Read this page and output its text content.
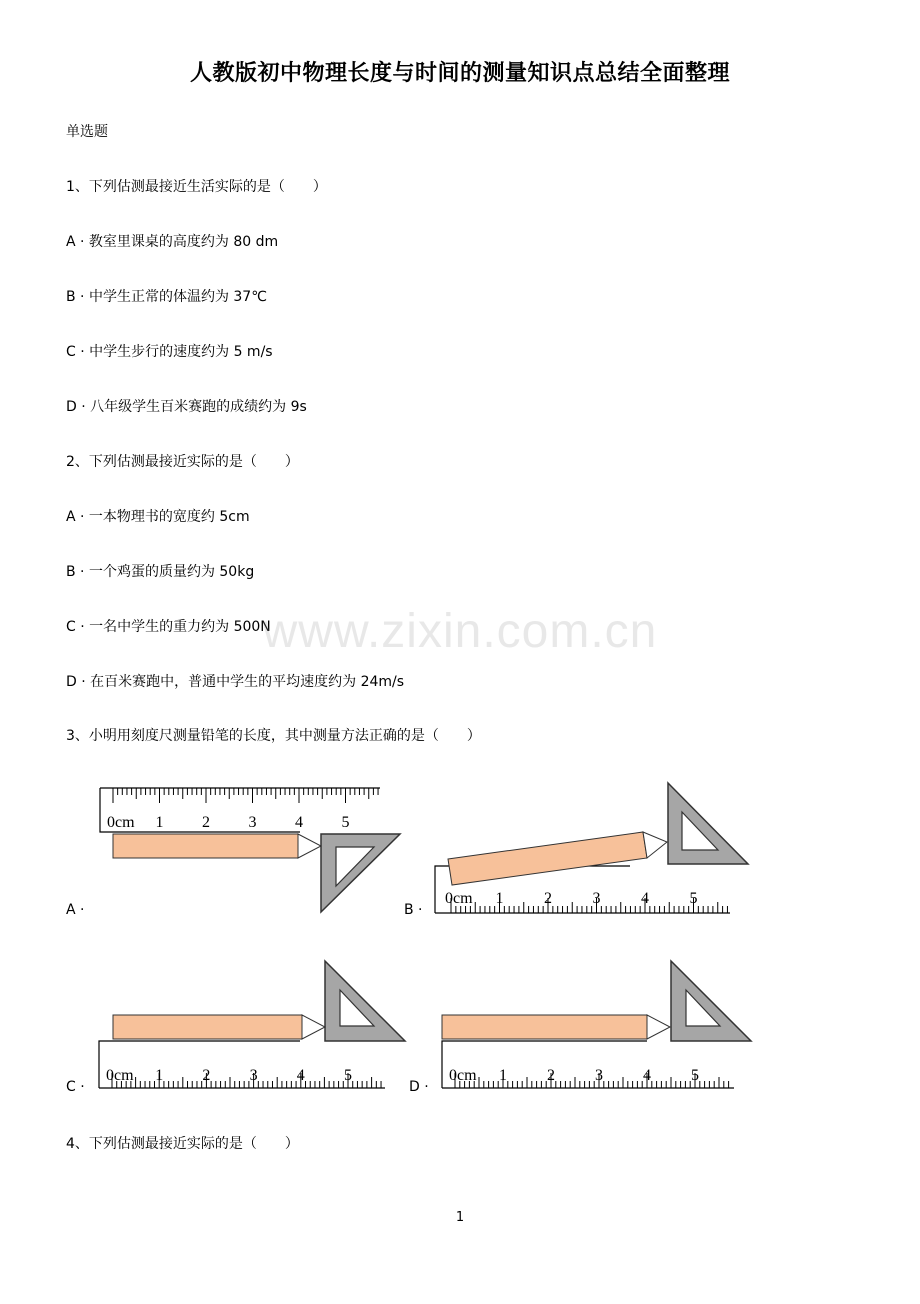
人教版初中物理长度与时间的测量知识点总结全面整理
单选题
1、下列估测最接近生活实际的是（　　）
A · 教室里课桌的高度约为 80 dm
B · 中学生正常的体温约为 37℃
C · 中学生步行的速度约为 5 m/s
D · 八年级学生百米赛跑的成绩约为 9s
2、下列估测最接近实际的是（　　）
A · 一本物理书的宽度约 5cm
B · 一个鸡蛋的质量约为 50kg
C · 一名中学生的重力约为 500N
D · 在百米赛跑中，普通中学生的平均速度约为 24m/s
www.zixin.com.cn
3、小明用刻度尺测量铅笔的长度，其中测量方法正确的是（　　）
A ·
0cm 1 2 3 4 5
B ·
0cm 1	2	3	4	5
C ·
0cm 1 2 3 4 5
D ·
0cm 1	2	3	4	5
4、下列估测最接近实际的是（　　）
1
